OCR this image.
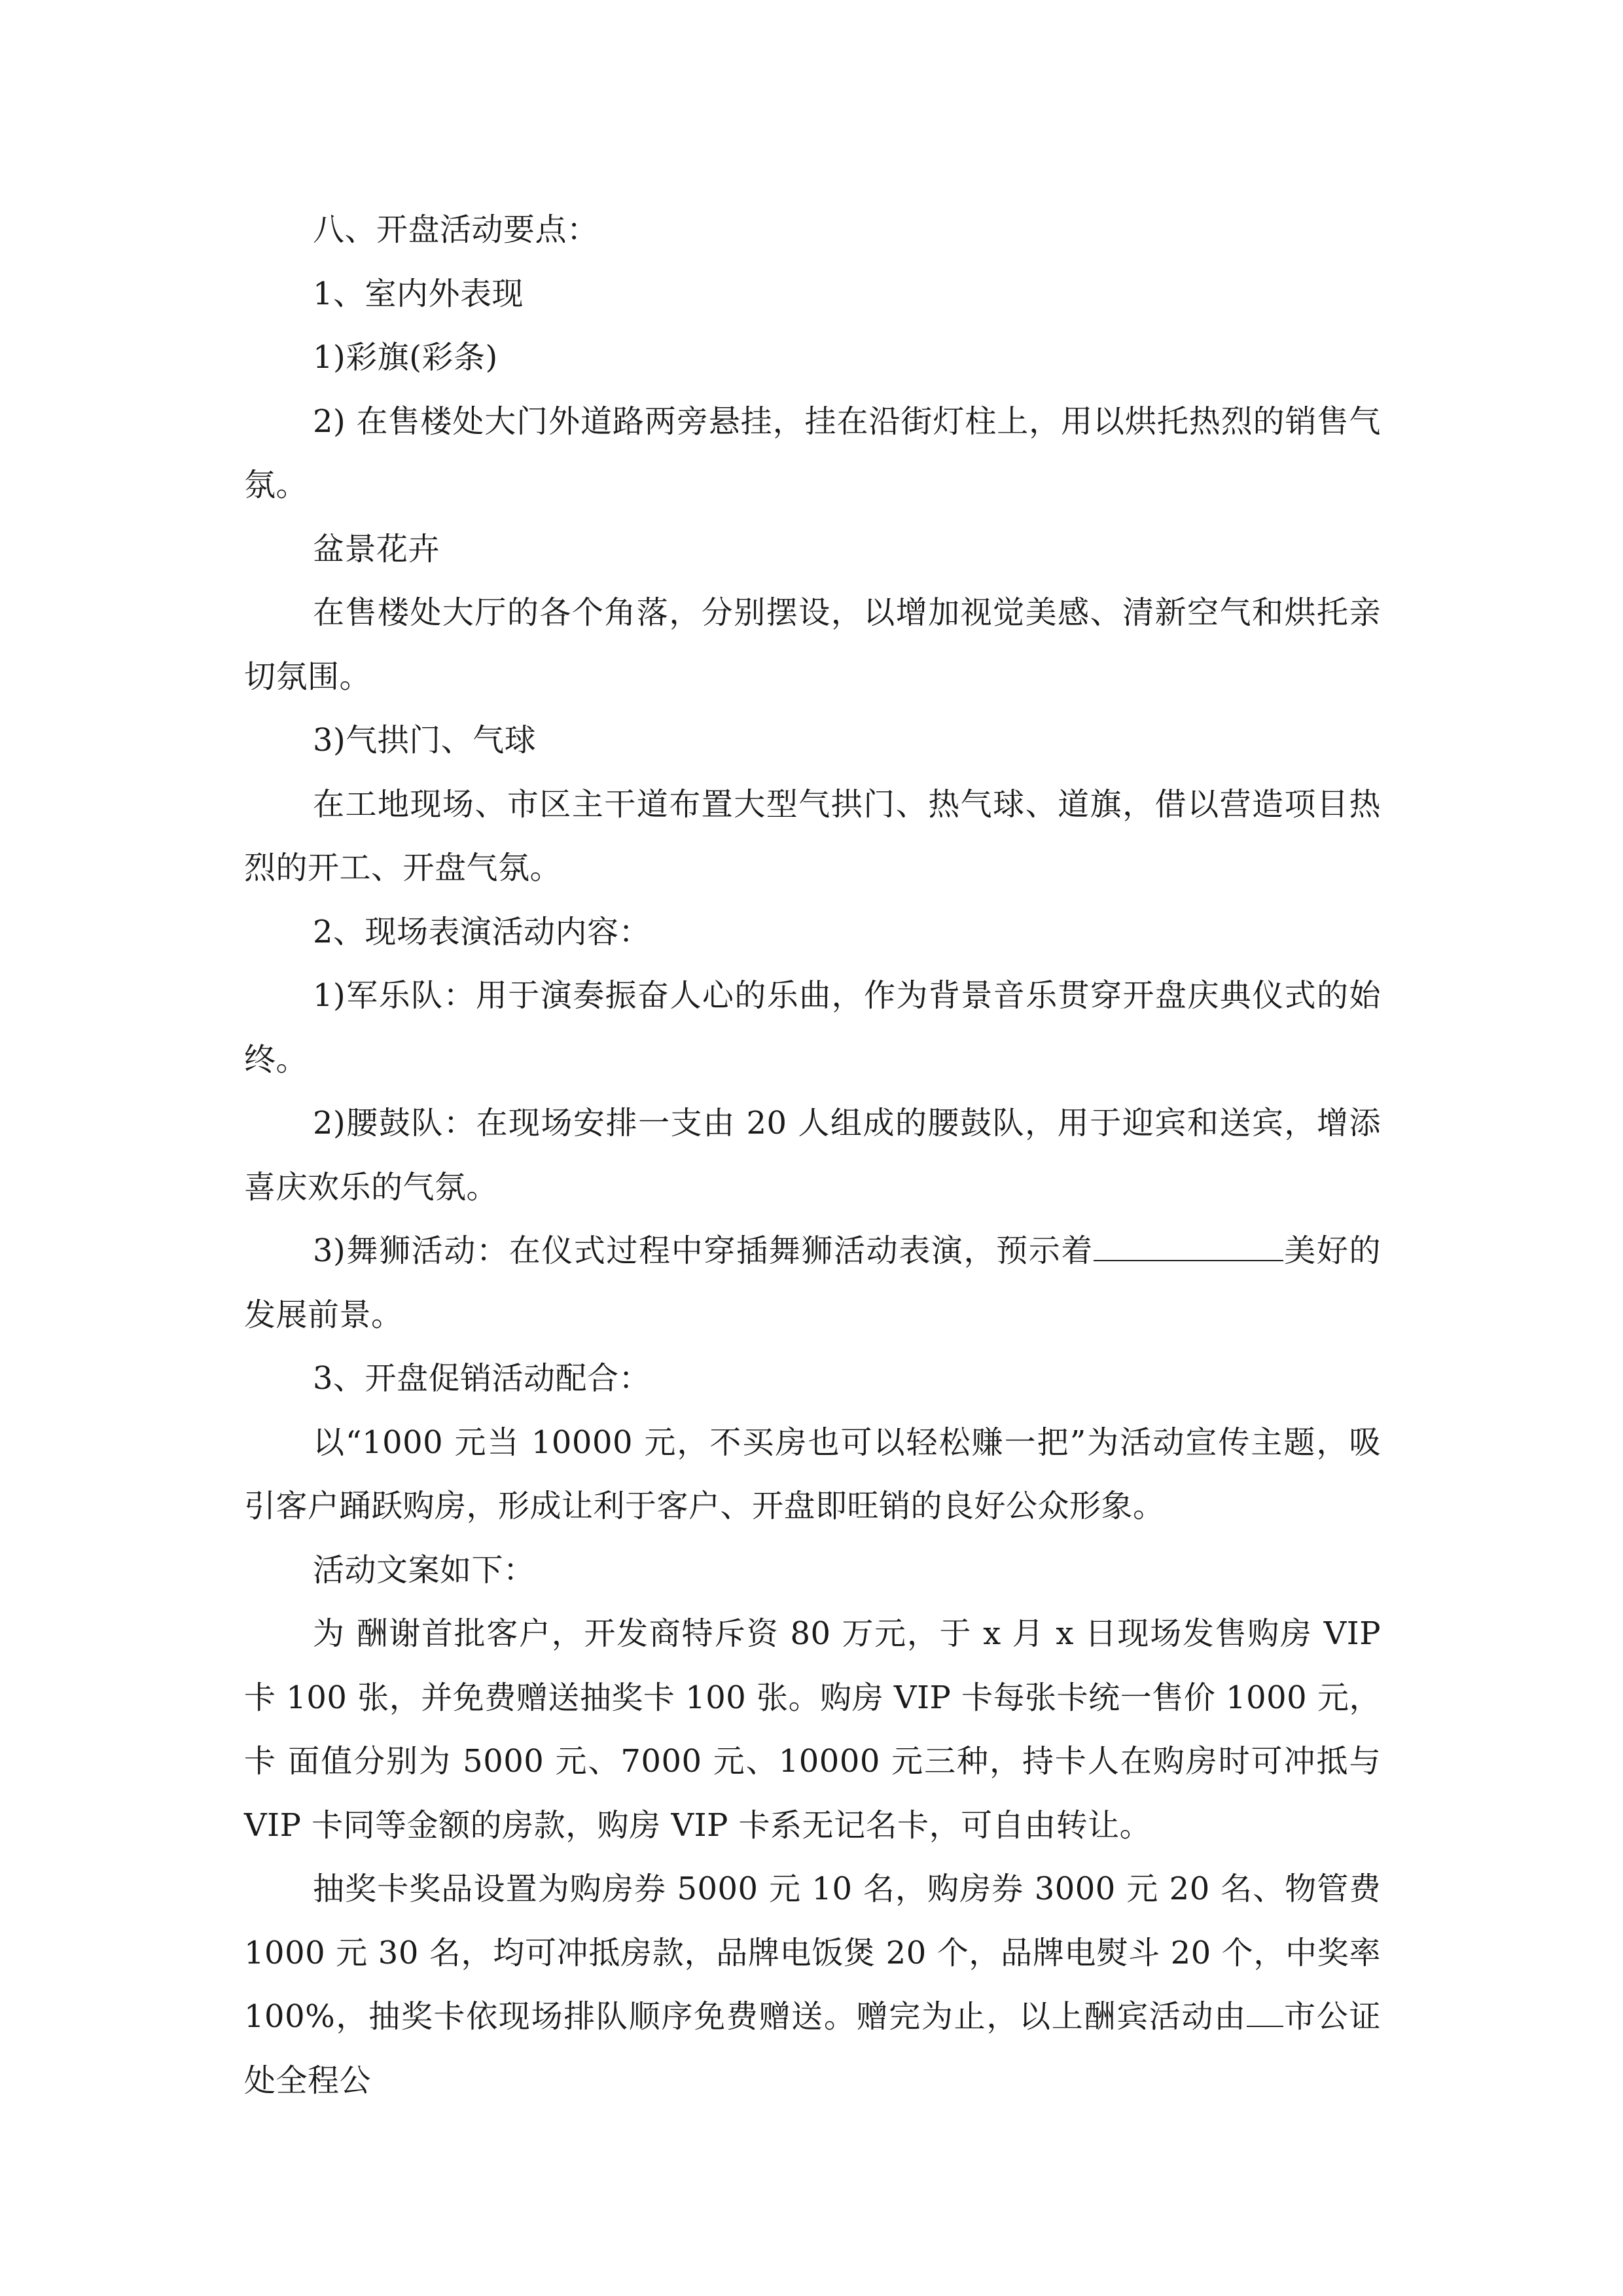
八、开盘活动要点：

1、室内外表现

1)彩旗(彩条)

2) 在售楼处大门外道路两旁悬挂，挂在沿街灯柱上，用以烘托热烈的销售气氛。

盆景花卉

在售楼处大厅的各个角落，分别摆设，以增加视觉美感、清新空气和烘托亲切氛围。

3)气拱门、气球

在工地现场、市区主干道布置大型气拱门、热气球、道旗，借以营造项目热烈的开工、开盘气氛。

2、现场表演活动内容：

1)军乐队：用于演奏振奋人心的乐曲，作为背景音乐贯穿开盘庆典仪式的始终。

2)腰鼓队：在现场安排一支由 20 人组成的腰鼓队，用于迎宾和送宾，增添喜庆欢乐的气氛。

3)舞狮活动：在仪式过程中穿插舞狮活动表演，预示着	美好的发展前景。

3、开盘促销活动配合：

以“1000 元当 10000 元，不买房也可以轻松赚一把”为活动宣传主题，吸引客户踊跃购房，形成让利于客户、开盘即旺销的良好公众形象。

活动文案如下：

为 酬谢首批客户，开发商特斥资 80 万元，于 x 月 x 日现场发售购房 VIP 卡 100 张，并免费赠送抽奖卡 100 张。购房 VIP 卡每张卡统一售价 1000 元，卡 面值分别为 5000 元、7000 元、10000 元三种，持卡人在购房时可冲抵与 VIP 卡同等金额的房款，购房 VIP 卡系无记名卡，可自由转让。

抽奖卡奖品设置为购房券 5000 元 10 名，购房券 3000 元 20 名、物管费 1000 元 30 名，均可冲抵房款，品牌电饭煲 20 个，品牌电熨斗 20 个，中奖率 100%，抽奖卡依现场排队顺序免费赠送。赠完为止，以上酬宾活动由 市公证处全程公
